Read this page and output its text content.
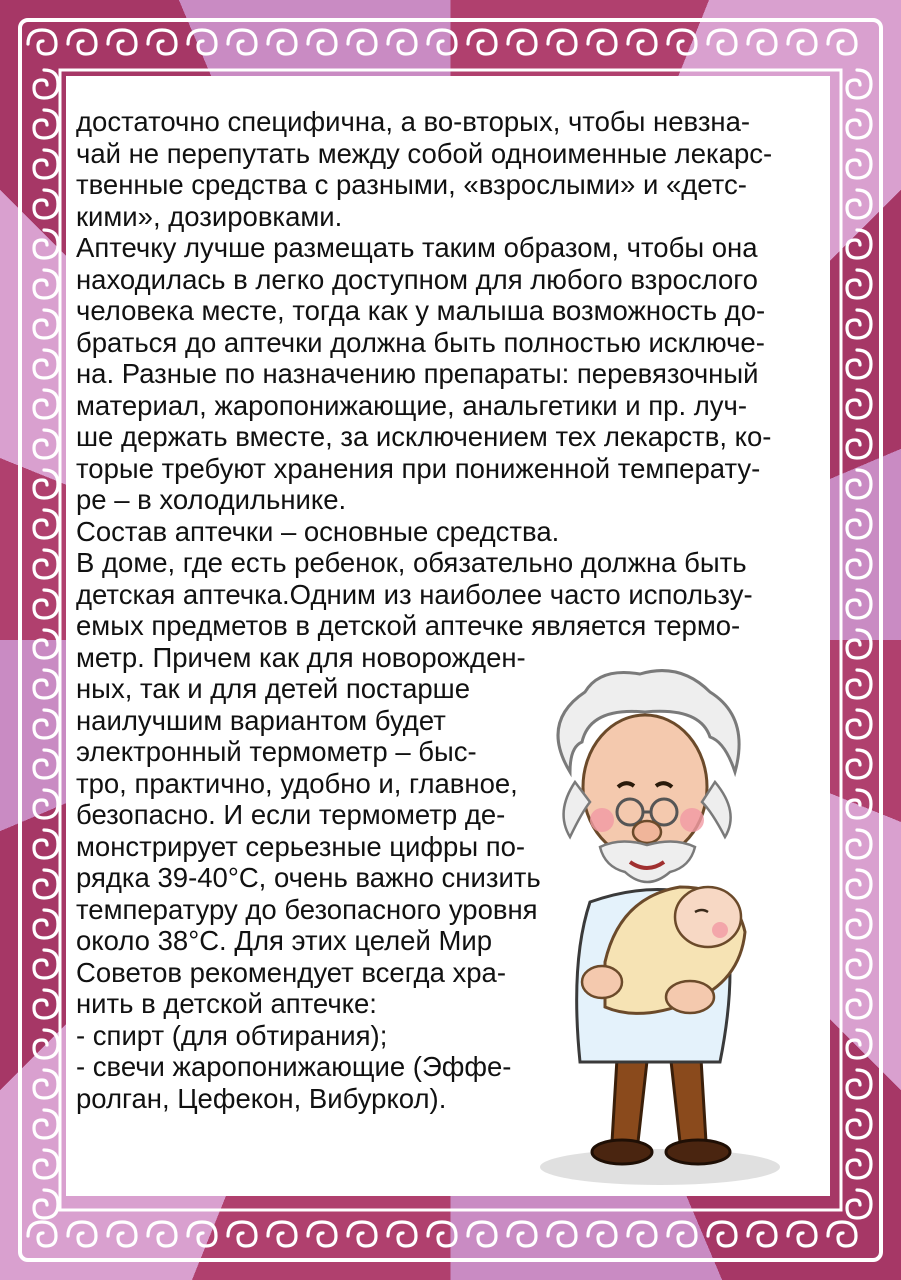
достаточно специфична, а во-вторых, чтобы невзна-
чай не перепутать между собой одноименные лекарс-
твенные средства с разными, «взрослыми» и «детс-
кими», дозировками.
Аптечку лучше размещать таким образом, чтобы она
находилась в легко доступном для любого взрослого
человека месте, тогда как у малыша возможность до-
браться до аптечки должна быть полностью исключе-
на. Разные по назначению препараты: перевязочный
материал, жаропонижающие, анальгетики и пр. луч-
ше держать вместе, за исключением тех лекарств, ко-
торые требуют хранения при пониженной температу-
ре – в холодильнике.
Состав аптечки – основные средства.
В доме, где есть ребенок, обязательно должна быть
детская аптечка.Одним из наиболее часто использу-
емых предметов в детской аптечке является термо-
метр. Причем как для новорожден-
ных, так и для детей постарше
наилучшим вариантом будет
электронный термометр – быс-
тро, практично, удобно и, главное,
безопасно. И если термометр де-
монстрирует серьезные цифры по-
рядка 39-40°С, очень важно снизить
температуру до безопасного уровня
около 38°С. Для этих целей Мир
Советов рекомендует всегда хра-
нить в детской аптечке:
- спирт (для обтирания);
- свечи жаропонижающие (Эффе-
ролган, Цефекон, Вибуркол).
